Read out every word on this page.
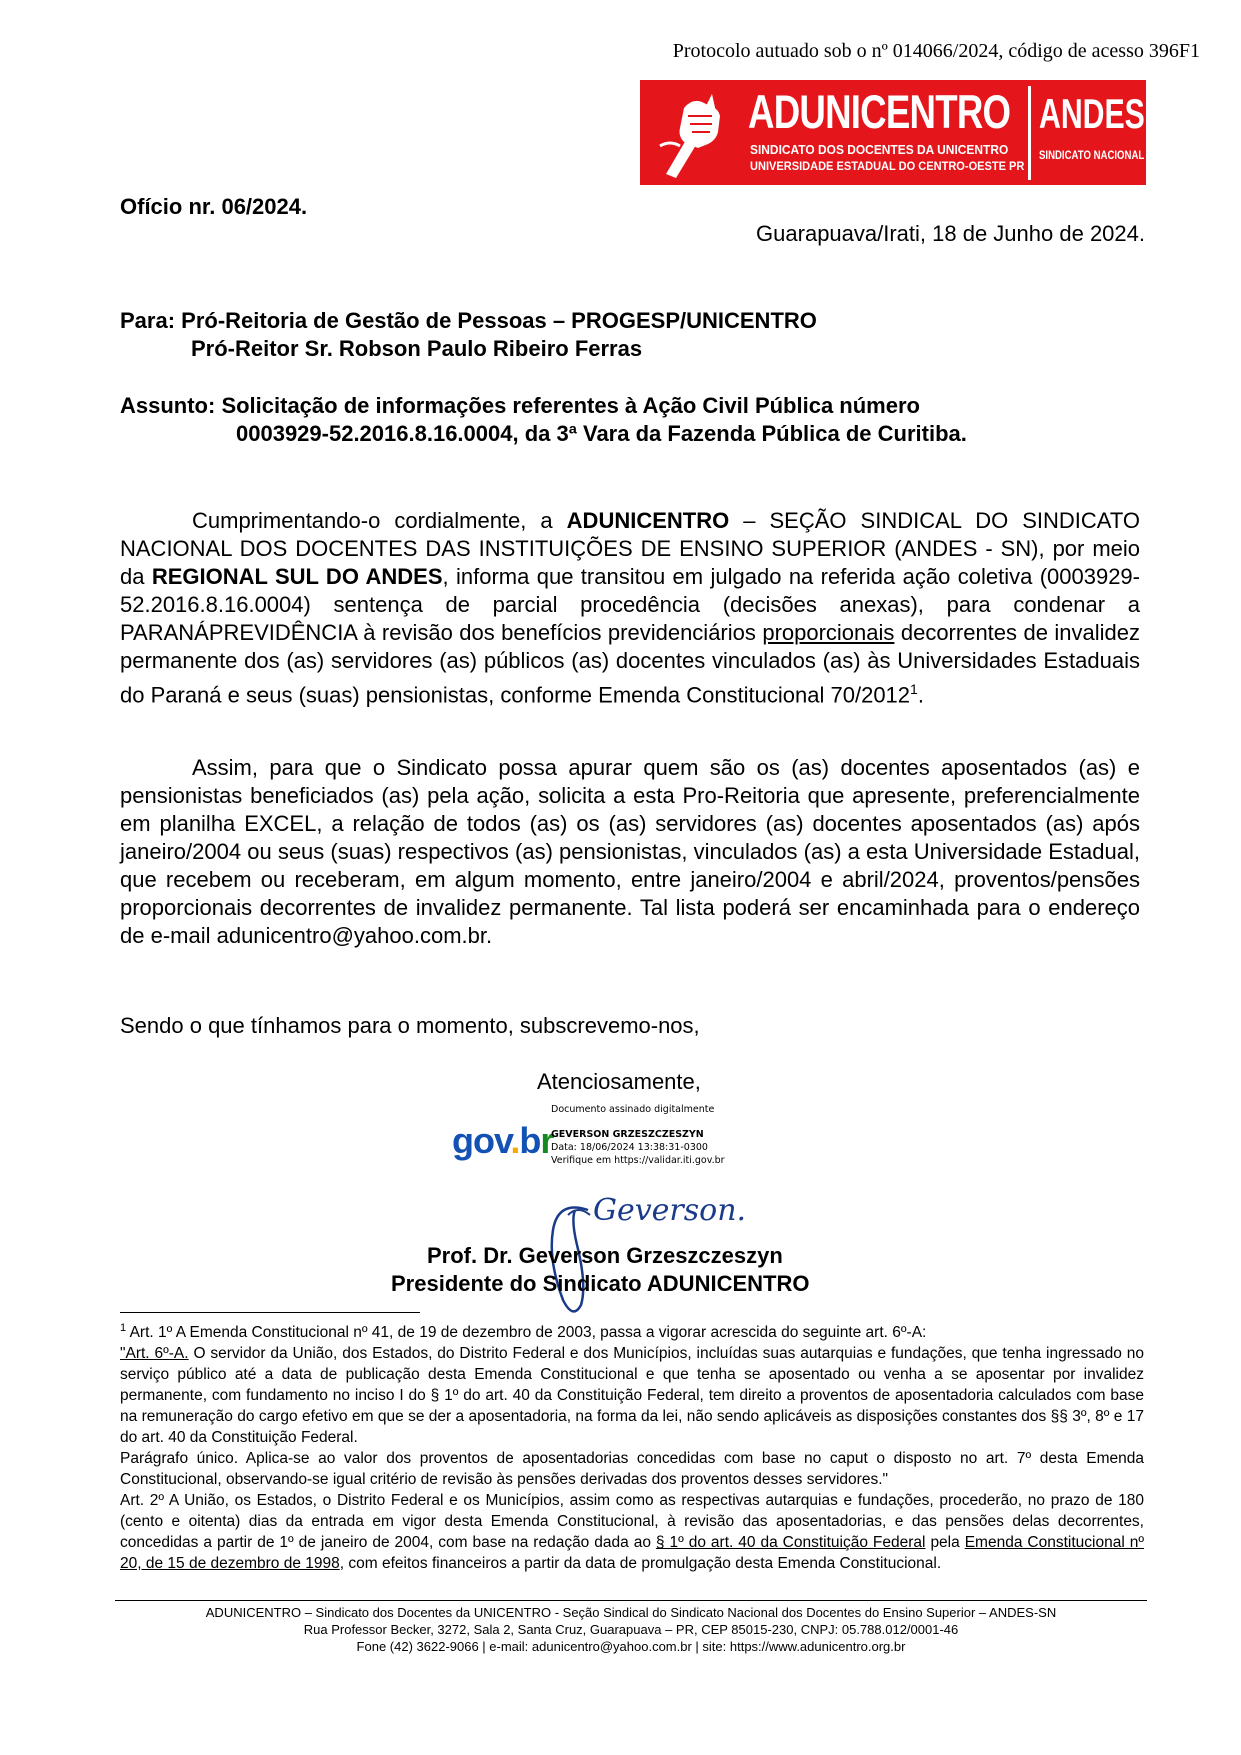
Protocolo autuado sob o nº 014066/2024, código de acesso 396F1
ADUNICENTRO
SINDICATO DOS DOCENTES DA UNICENTRO
UNIVERSIDADE ESTADUAL DO CENTRO-OESTE PR
ANDES
SINDICATO NACIONAL
Ofício nr. 06/2024.
Guarapuava/Irati, 18 de Junho de 2024.
Para: Pró-Reitoria de Gestão de Pessoas – PROGESP/UNICENTRO
Pró-Reitor Sr. Robson Paulo Ribeiro Ferras
Assunto: Solicitação de informações referentes à Ação Civil Pública número
0003929-52.2016.8.16.0004, da 3ª Vara da Fazenda Pública de Curitiba.
Cumprimentando-o cordialmente, a ADUNICENTRO – SEÇÃO SINDICAL DO SINDICATO NACIONAL DOS DOCENTES DAS INSTITUIÇÕES DE ENSINO SUPERIOR (ANDES - SN), por meio da REGIONAL SUL DO ANDES, informa que transitou em julgado na referida ação coletiva (0003929-52.2016.8.16.0004) sentença de parcial procedência (decisões anexas), para condenar a PARANÁPREVIDÊNCIA à revisão dos benefícios previdenciários proporcionais decorrentes de invalidez permanente dos (as) servidores (as) públicos (as) docentes vinculados (as) às Universidades Estaduais do Paraná e seus (suas) pensionistas, conforme Emenda Constitucional 70/2012$^1$.
Assim, para que o Sindicato possa apurar quem são os (as) docentes aposentados (as) e pensionistas beneficiados (as) pela ação, solicita a esta Pro-Reitoria que apresente, preferencialmente em planilha EXCEL, a relação de todos (as) os (as) servidores (as) docentes aposentados (as) após janeiro/2004 ou seus (suas) respectivos (as) pensionistas, vinculados (as) a esta Universidade Estadual, que recebem ou receberam, em algum momento, entre janeiro/2004 e abril/2024, proventos/pensões proporcionais decorrentes de invalidez permanente. Tal lista poderá ser encaminhada para o endereço de e-mail adunicentro@yahoo.com.br.
Sendo o que tínhamos para o momento, subscrevemo-nos,
Atenciosamente,
gov.br
Documento assinado digitalmente
GEVERSON GRZESZCZESZYN
Data: 18/06/2024 13:38:31-0300
Verifique em https://validar.iti.gov.br
Geverson.
Prof. Dr. Geverson Grzeszczeszyn
Presidente do Sindicato ADUNICENTRO
$^1$ Art. 1º A Emenda Constitucional nº 41, de 19 de dezembro de 2003, passa a vigorar acrescida do seguinte art. 6º-A:
"Art. 6º-A. O servidor da União, dos Estados, do Distrito Federal e dos Municípios, incluídas suas autarquias e fundações, que tenha ingressado no serviço público até a data de publicação desta Emenda Constitucional e que tenha se aposentado ou venha a se aposentar por invalidez permanente, com fundamento no inciso I do § 1º do art. 40 da Constituição Federal, tem direito a proventos de aposentadoria calculados com base na remuneração do cargo efetivo em que se der a aposentadoria, na forma da lei, não sendo aplicáveis as disposições constantes dos §§ 3º, 8º e 17 do art. 40 da Constituição Federal.
Parágrafo único. Aplica-se ao valor dos proventos de aposentadorias concedidas com base no caput o disposto no art. 7º desta Emenda Constitucional, observando-se igual critério de revisão às pensões derivadas dos proventos desses servidores."
Art. 2º A União, os Estados, o Distrito Federal e os Municípios, assim como as respectivas autarquias e fundações, procederão, no prazo de 180 (cento e oitenta) dias da entrada em vigor desta Emenda Constitucional, à revisão das aposentadorias, e das pensões delas decorrentes, concedidas a partir de 1º de janeiro de 2004, com base na redação dada ao § 1º do art. 40 da Constituição Federal pela Emenda Constitucional nº 20, de 15 de dezembro de 1998, com efeitos financeiros a partir da data de promulgação desta Emenda Constitucional.
ADUNICENTRO – Sindicato dos Docentes da UNICENTRO - Seção Sindical do Sindicato Nacional dos Docentes do Ensino Superior – ANDES-SN
Rua Professor Becker, 3272, Sala 2, Santa Cruz, Guarapuava – PR, CEP 85015-230, CNPJ: 05.788.012/0001-46
Fone (42) 3622-9066 | e-mail: adunicentro@yahoo.com.br | site: https://www.adunicentro.org.br
